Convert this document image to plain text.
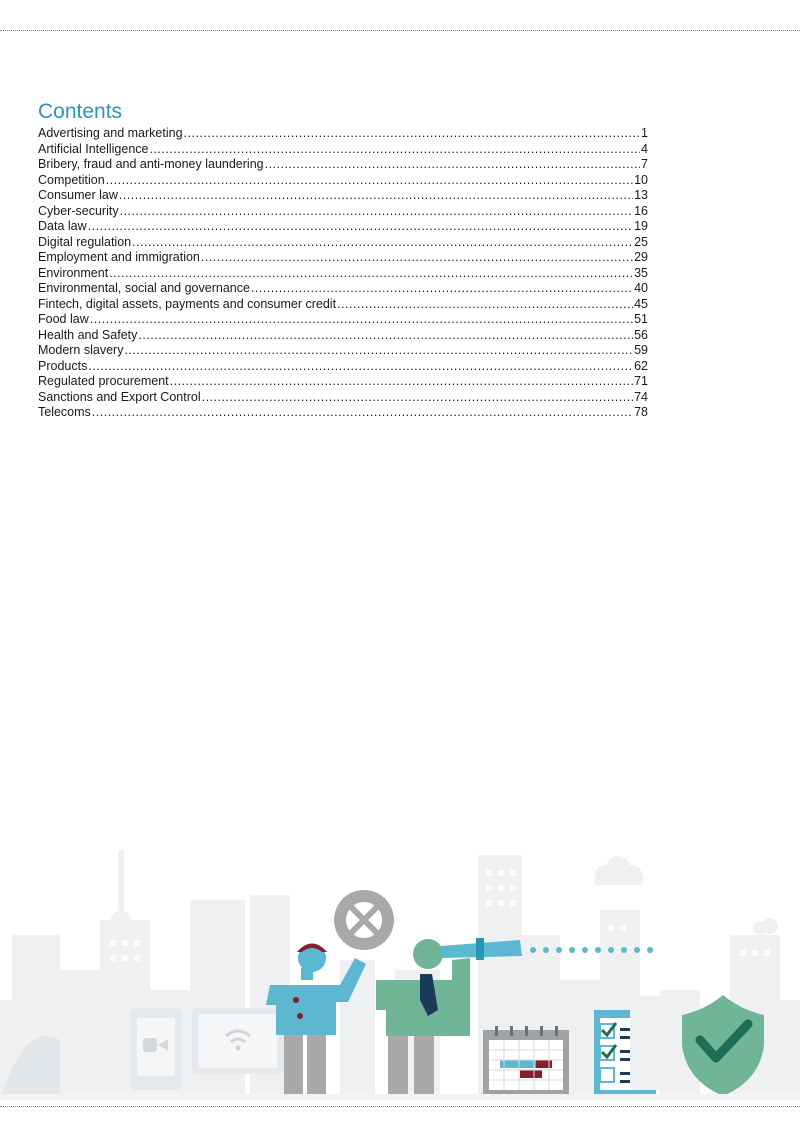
Contents
Advertising and marketing .....	1
Artificial Intelligence .....	4
Bribery, fraud and anti-money laundering .....	7
Competition .....	10
Consumer law .....	13
Cyber-security .....	16
Data law .....	19
Digital regulation .....	25
Employment and immigration .....	29
Environment .....	35
Environmental, social and governance .....	40
Fintech, digital assets, payments and consumer credit .....	45
Food law .....	51
Health and Safety .....	56
Modern slavery .....	59
Products .....	62
Regulated procurement .....	71
Sanctions and Export Control .....	74
Telecoms .....	78
